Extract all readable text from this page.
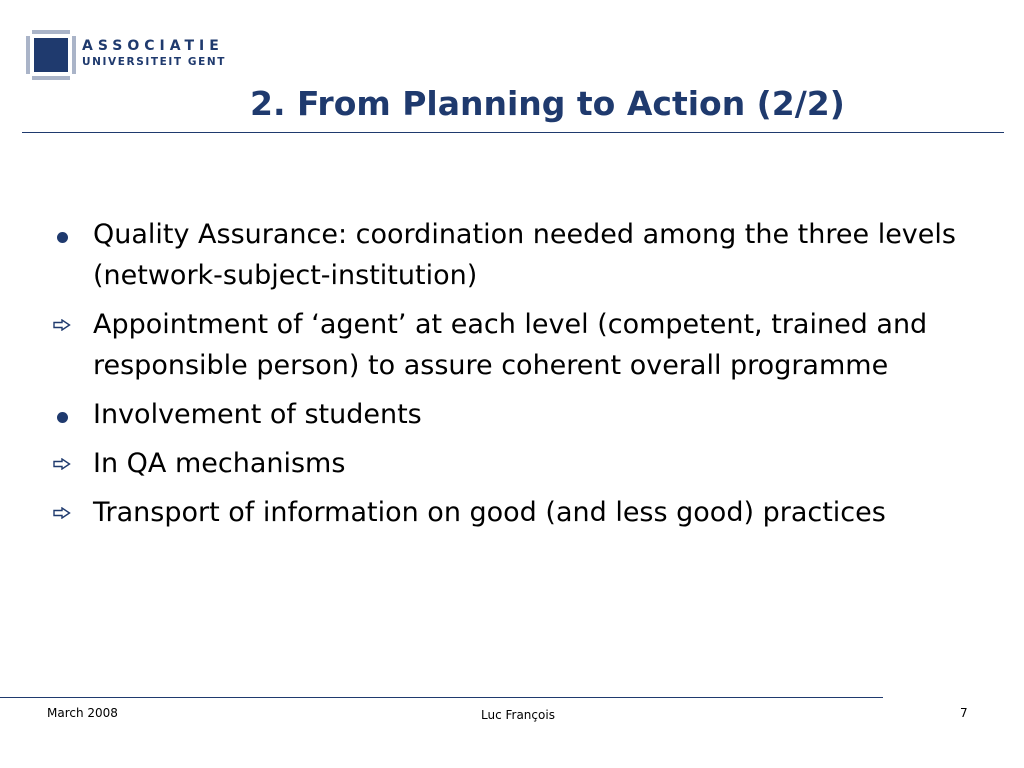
ASSOCIATIE
UNIVERSITEIT GENT
2. From Planning to Action (2/2)
Quality Assurance: coordination needed among the three levels (network-subject-institution)
Appointment of ‘agent’ at each level (competent, trained and responsible person) to assure coherent overall programme
Involvement of students
In QA mechanisms
Transport of information on good (and less good) practices
March 2008	Luc François	7
